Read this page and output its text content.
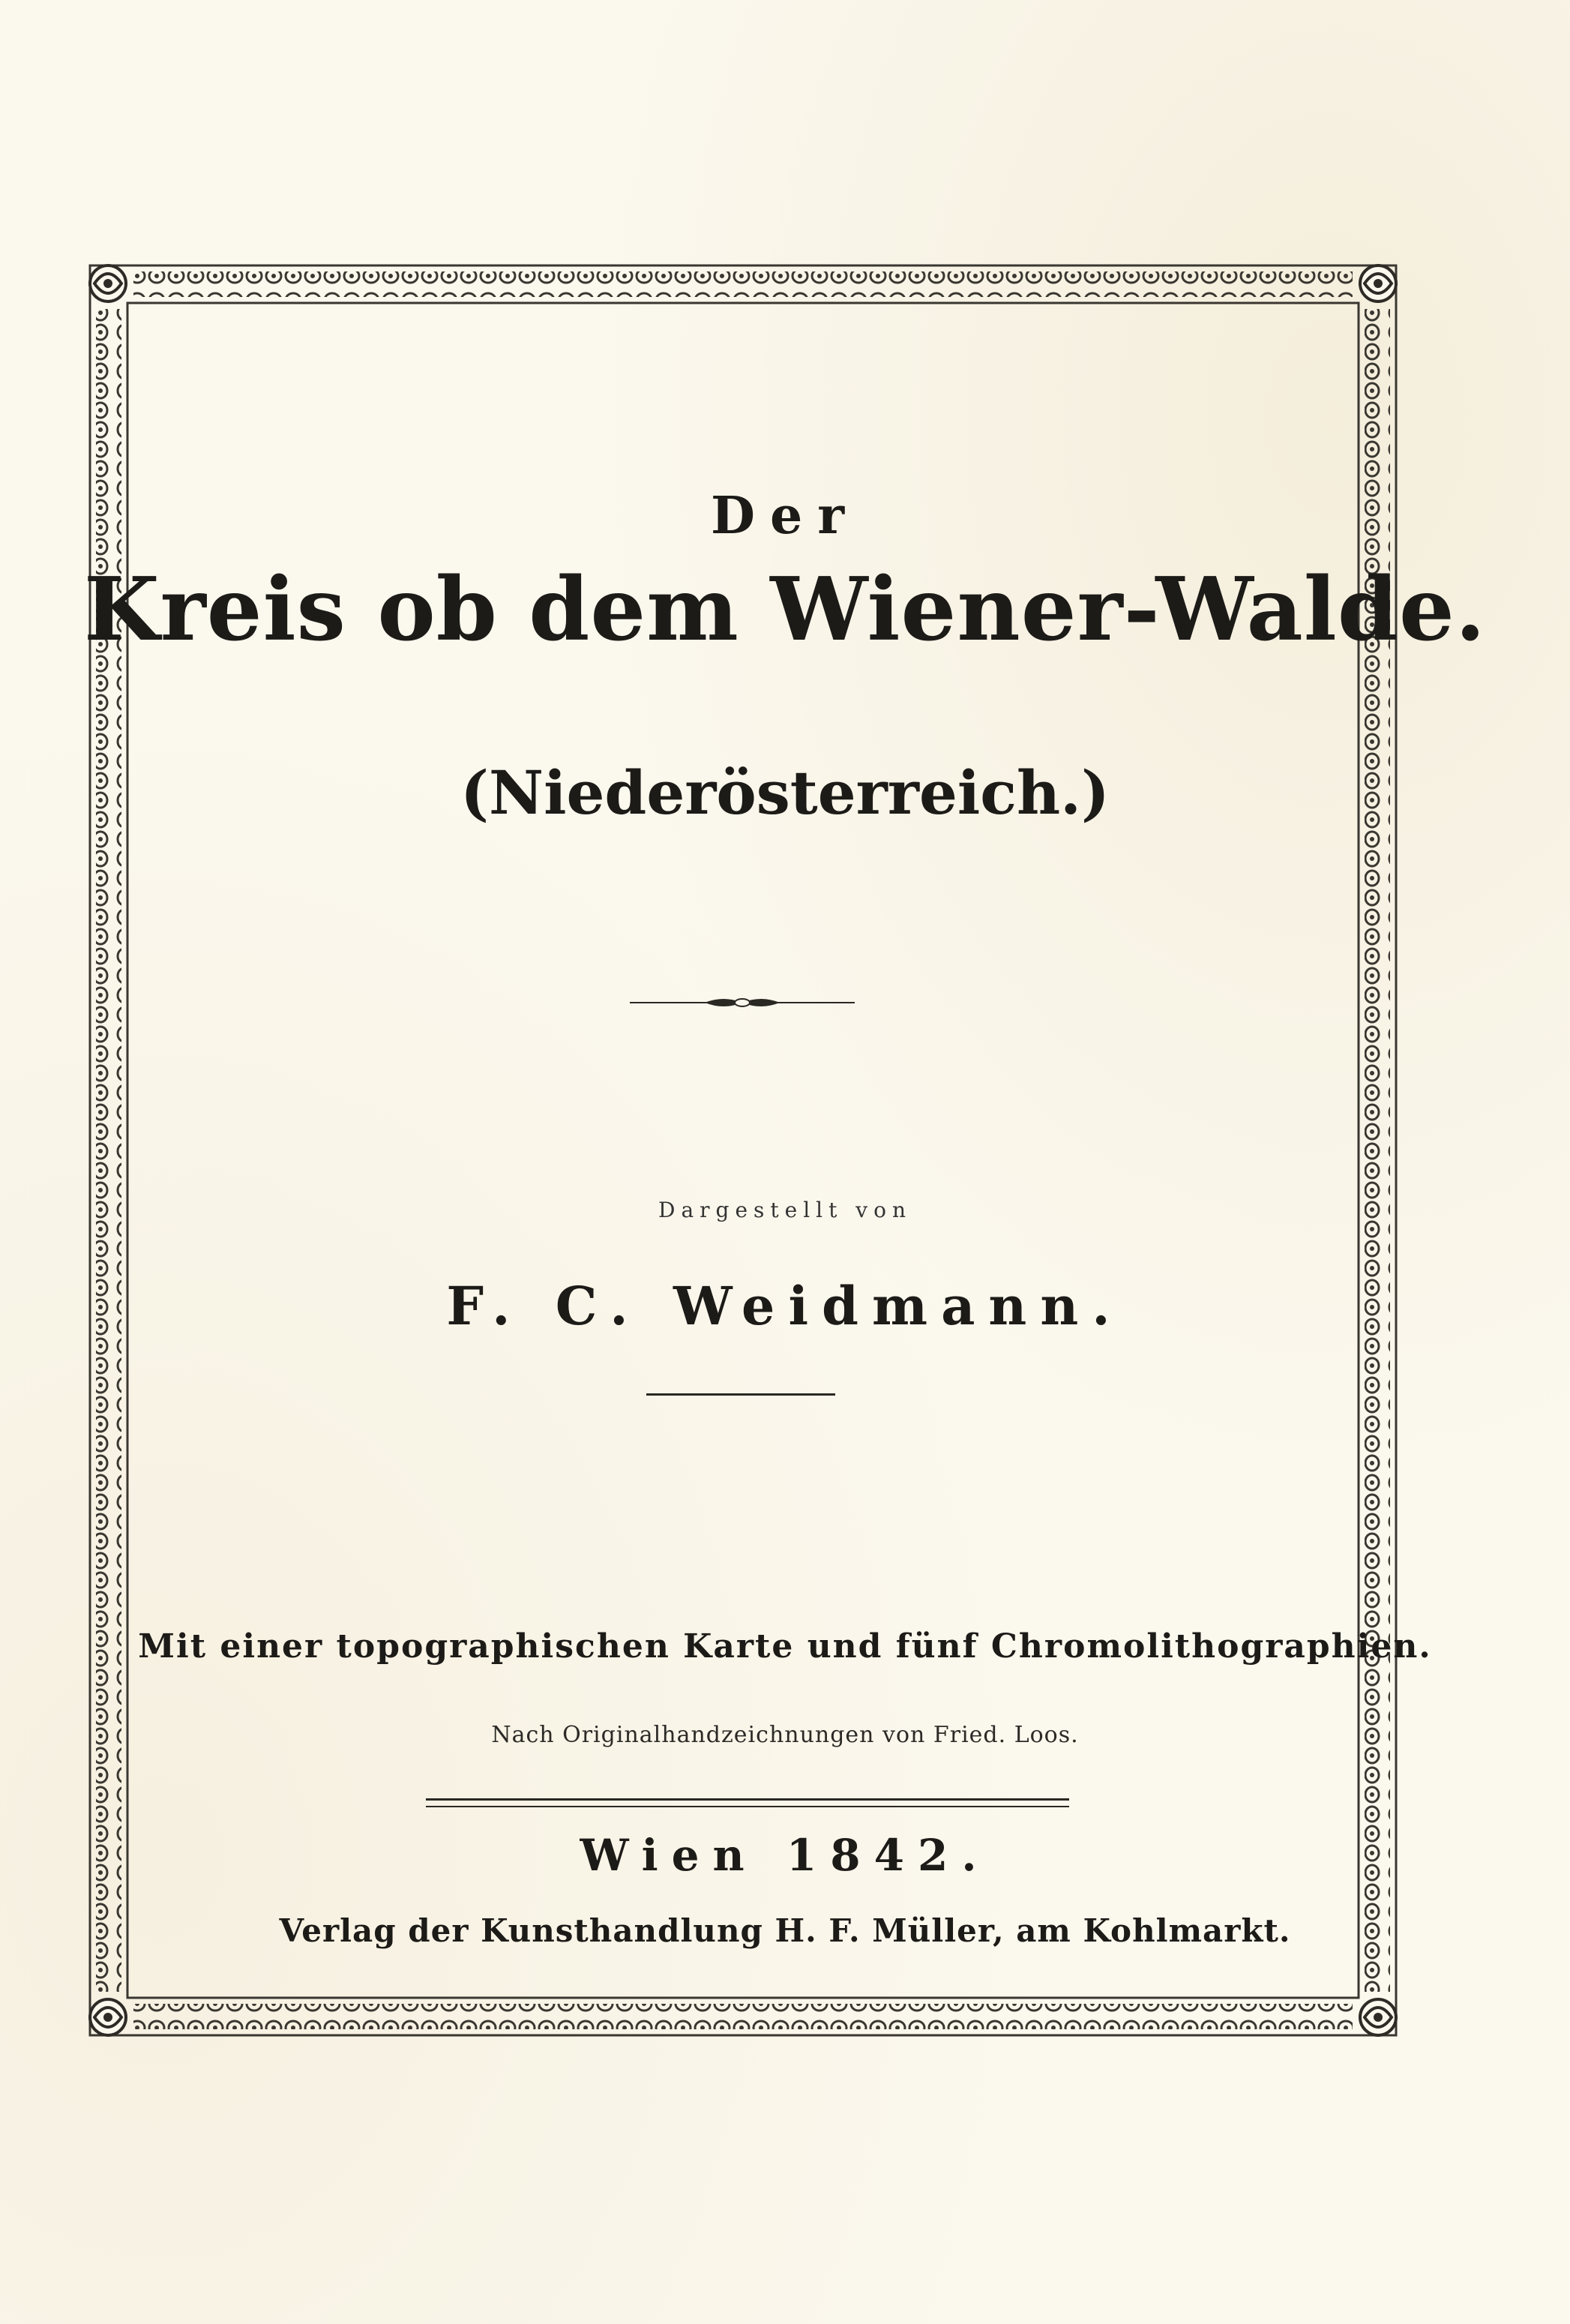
Der
Kreis ob dem Wiener-Walde.
(Niederösterreich.)
Dargestellt von
F. C. Weidmann.
Mit einer topographischen Karte und fünf Chromolithographien.
Nach Originalhandzeichnungen von Fried. Loos.
Wien 1842.
Verlag der Kunsthandlung H. F. Müller, am Kohlmarkt.
